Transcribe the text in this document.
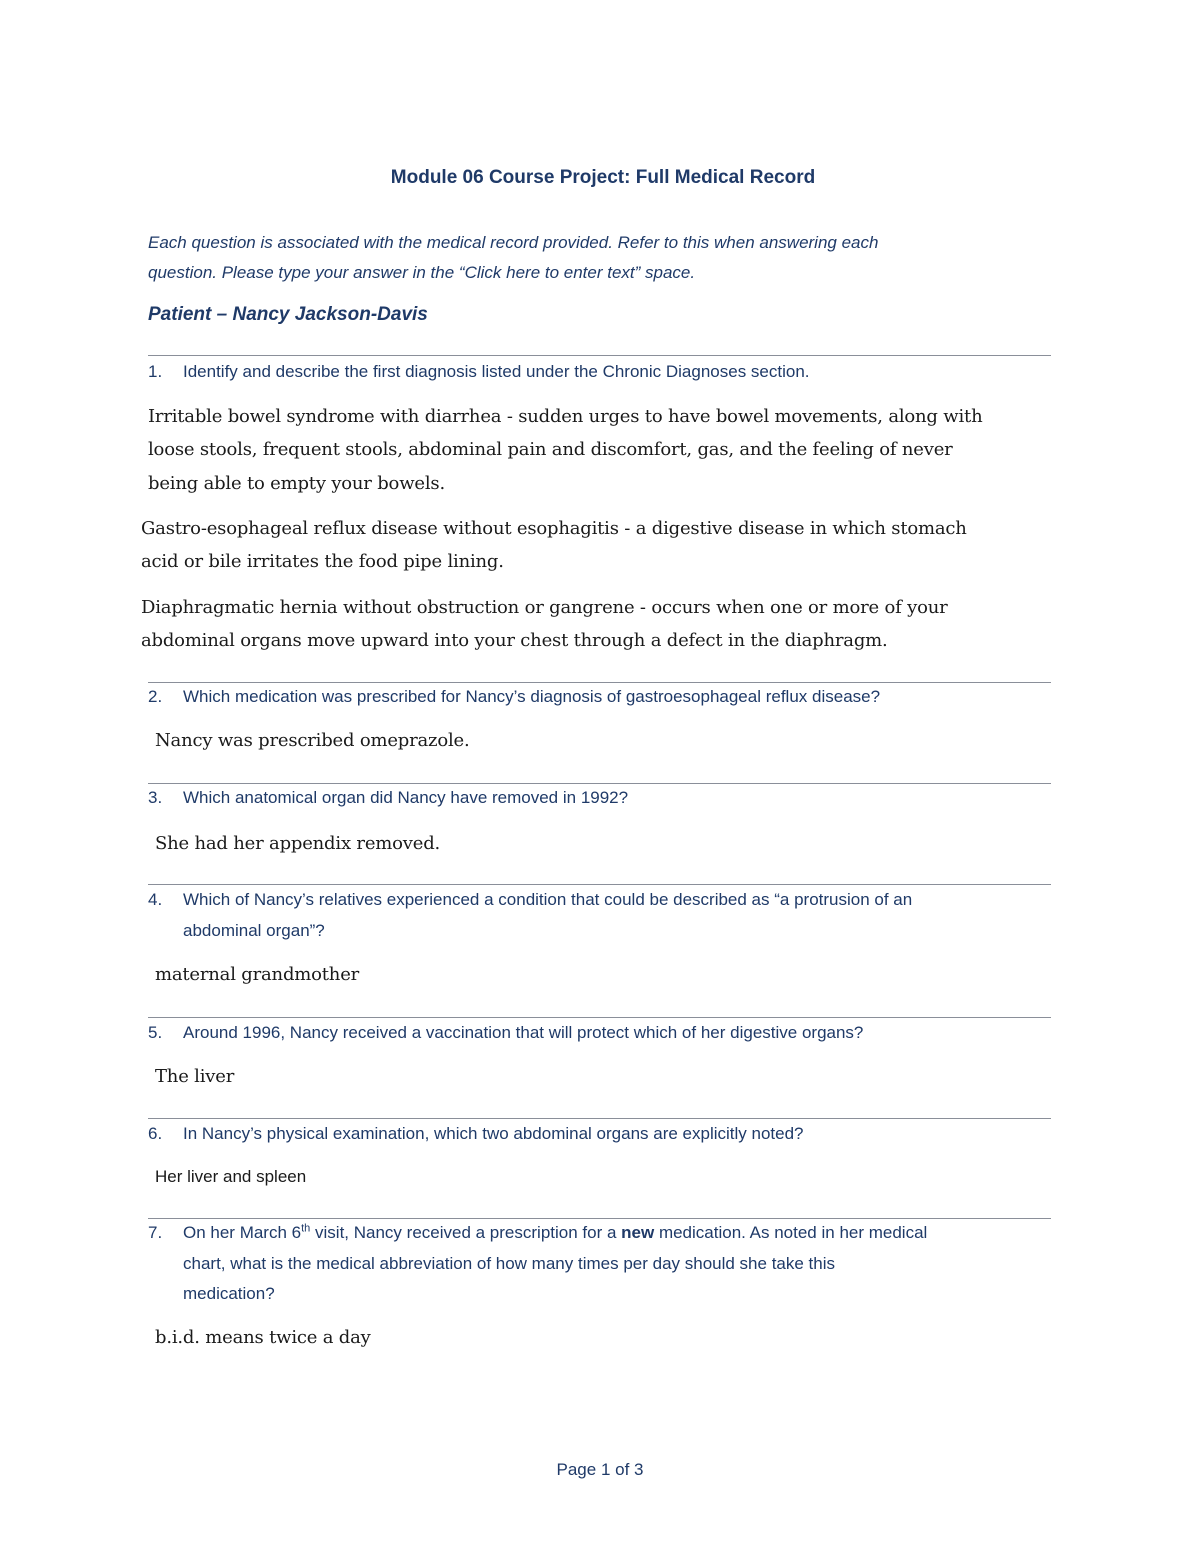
Module 06 Course Project: Full Medical Record
Each question is associated with the medical record provided. Refer to this when answering each
question. Please type your answer in the “Click here to enter text” space.
Patient – Nancy Jackson-Davis
1. Identify and describe the first diagnosis listed under the Chronic Diagnoses section.
Irritable bowel syndrome with diarrhea - sudden urges to have bowel movements, along with
loose stools, frequent stools, abdominal pain and discomfort, gas, and the feeling of never
being able to empty your bowels.
Gastro-esophageal reflux disease without esophagitis - a digestive disease in which stomach
acid or bile irritates the food pipe lining.
Diaphragmatic hernia without obstruction or gangrene - occurs when one or more of your
abdominal organs move upward into your chest through a defect in the diaphragm.
2. Which medication was prescribed for Nancy’s diagnosis of gastroesophageal reflux disease?
Nancy was prescribed omeprazole.
3. Which anatomical organ did Nancy have removed in 1992?
She had her appendix removed.
4. Which of Nancy’s relatives experienced a condition that could be described as “a protrusion of an
abdominal organ”?
maternal grandmother
5. Around 1996, Nancy received a vaccination that will protect which of her digestive organs?
The liver
6. In Nancy’s physical examination, which two abdominal organs are explicitly noted?
Her liver and spleen
7. On her March 6th visit, Nancy received a prescription for a new medication. As noted in her medical
chart, what is the medical abbreviation of how many times per day should she take this
medication?
b.i.d. means twice a day
Page 1 of 3
